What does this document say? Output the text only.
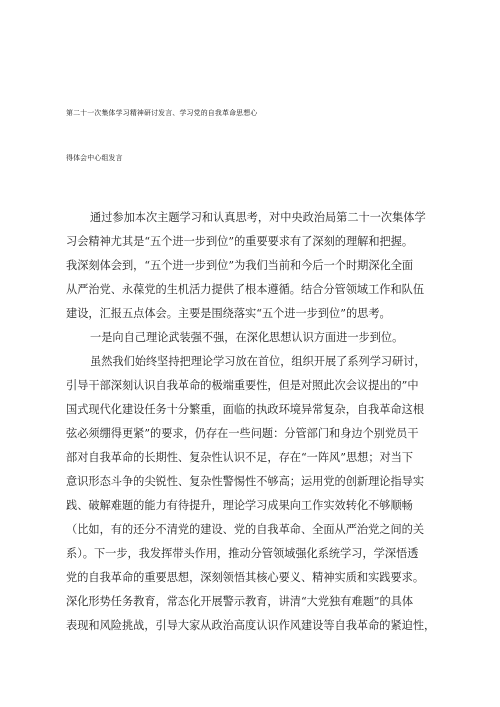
第二十一次集体学习精神研讨发言、学习党的自我革命思想心
得体会中心组发言
通过参加本次主题学习和认真思考，对中央政治局第二十一次集体学
习会精神尤其是“五个进一步到位”的重要要求有了深刻的理解和把握。
我深刻体会到，“五个进一步到位”为我们当前和今后一个时期深化全面
从严治党、永葆党的生机活力提供了根本遵循。结合分管领域工作和队伍
建设，汇报五点体会。主要是围绕落实“五个进一步到位”的思考。
一是向自己理论武装强不强，在深化思想认识方面进一步到位。
虽然我们始终坚持把理论学习放在首位，组织开展了系列学习研讨，
引导干部深刻认识自我革命的极端重要性，但是对照此次会议提出的”中
国式现代化建设任务十分繁重，面临的执政环境异常复杂，自我革命这根
弦必须绷得更紧”的要求，仍存在一些问题：分管部门和身边个别党员干
部对自我革命的长期性、复杂性认识不足，存在“一阵风”思想；对当下
意识形态斗争的尖锐性、复杂性警惕性不够高；运用党的创新理论指导实
践、破解难题的能力有待提升，理论学习成果向工作实效转化不够顺畅
（比如，有的还分不清党的建设、党的自我革命、全面从严治党之间的关
系）。下一步，我发挥带头作用，推动分管领域强化系统学习，学深悟透
党的自我革命的重要思想，深刻领悟其核心要义、精神实质和实践要求。
深化形势任务教育，常态化开展警示教育，讲清“大党独有难题”的具体
表现和风险挑战，引导大家从政治高度认识作风建设等自我革命的紧迫性，
